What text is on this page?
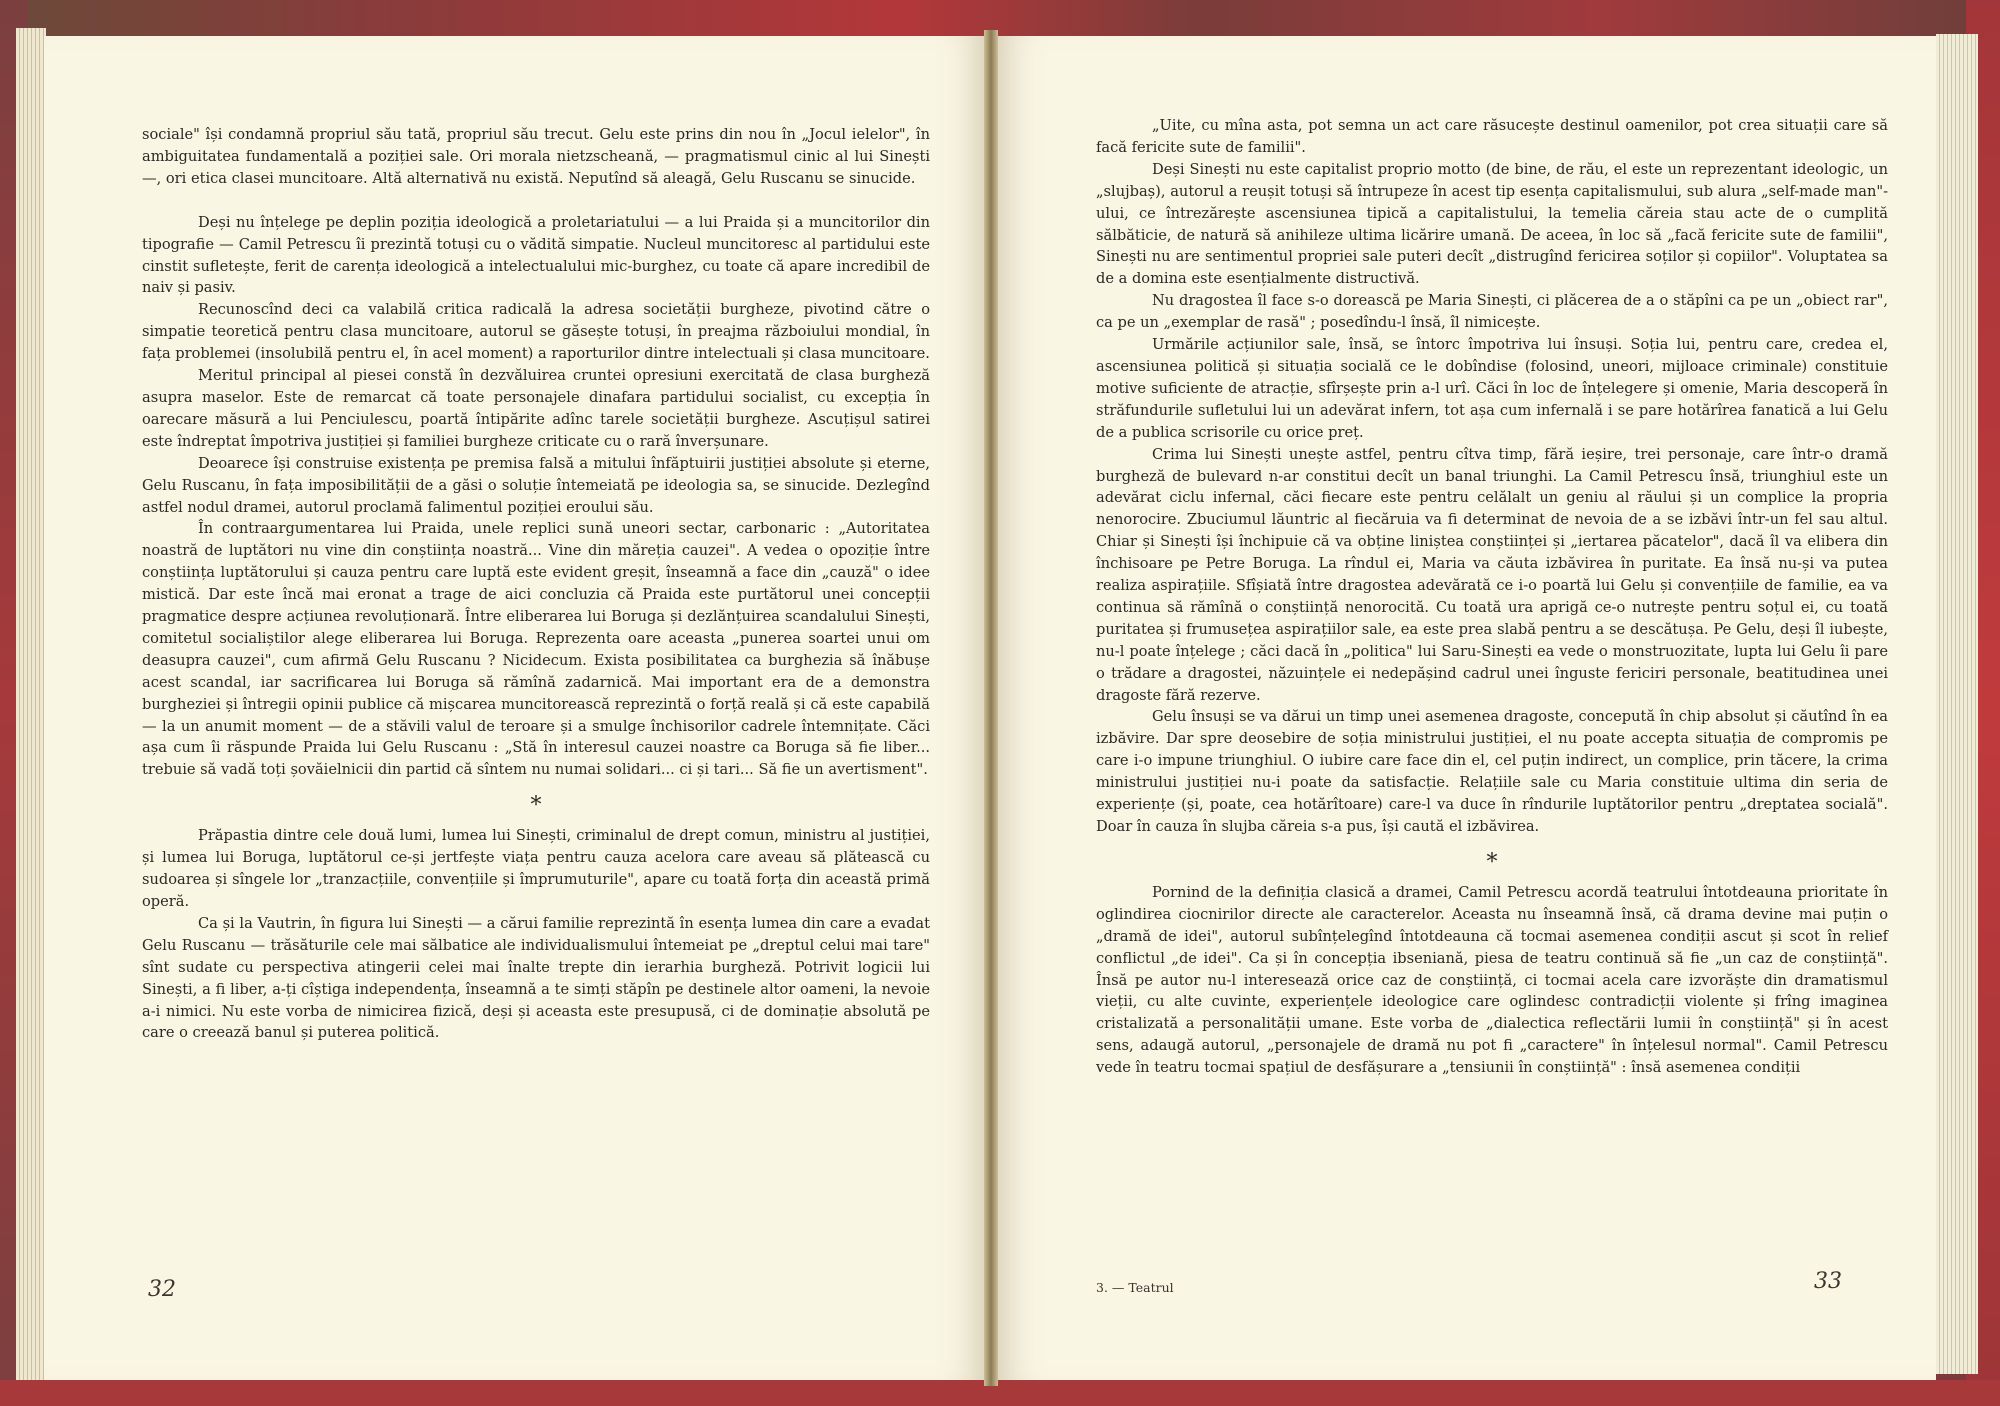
sociale" își condamnă propriul său tată, propriul său trecut. Gelu este prins din nou în „Jocul ielelor", în ambiguitatea fundamentală a poziției sale. Ori morala nietzscheană, — pragmatismul cinic al lui Sinești —, ori etica clasei muncitoare. Altă alternativă nu există. Neputînd să aleagă, Gelu Ruscanu se sinucide.

Deși nu înțelege pe deplin poziția ideologică a proletariatului — a lui Praida și a muncitorilor din tipografie — Camil Petrescu îi prezintă totuși cu o vădită simpatie. Nucleul muncitoresc al partidului este cinstit sufletește, ferit de carența ideologică a intelectualului mic-burghez, cu toate că apare incredibil de naiv și pasiv.

Recunoscînd deci ca valabilă critica radicală la adresa societății burgheze, pivotind către o simpatie teoretică pentru clasa muncitoare, autorul se găsește totuși, în preajma războiului mondial, în fața problemei (insolubilă pentru el, în acel moment) a raporturilor dintre intelectuali și clasa muncitoare.

Meritul principal al piesei constă în dezvăluirea cruntei opresiuni exercitată de clasa burgheză asupra maselor. Este de remarcat că toate personajele dinafara partidului socialist, cu excepția în oarecare măsură a lui Penciulescu, poartă întipărite adînc tarele societății burgheze. Ascuțișul satirei este îndreptat împotriva justiției și familiei burgheze criticate cu o rară înverșunare.

Deoarece își construise existența pe premisa falsă a mitului înfăptuirii justiției absolute și eterne, Gelu Ruscanu, în fața imposibilității de a găsi o soluție întemeiată pe ideologia sa, se sinucide. Dezlegînd astfel nodul dramei, autorul proclamă falimentul poziției eroului său.

În contraargumentarea lui Praida, unele replici sună uneori sectar, carbonaric : „Autoritatea noastră de luptători nu vine din conștiința noastră... Vine din măreția cauzei". A vedea o opoziție între conștiința luptătorului și cauza pentru care luptă este evident greșit, înseamnă a face din „cauză" o idee mistică. Dar este încă mai eronat a trage de aici concluzia că Praida este purtătorul unei concepții pragmatice despre acțiunea revoluționară. Între eliberarea lui Boruga și dezlănțuirea scandalului Sinești, comitetul socialiștilor alege eliberarea lui Boruga. Reprezenta oare aceasta „punerea soartei unui om deasupra cauzei", cum afirmă Gelu Ruscanu ? Nicidecum. Exista posibilitatea ca burghezia să înăbușe acest scandal, iar sacrificarea lui Boruga să rămînă zadarnică. Mai important era de a demonstra burgheziei și întregii opinii publice că mișcarea muncitorească reprezintă o forță reală și că este capabilă — la un anumit moment — de a stăvili valul de teroare și a smulge închisorilor cadrele întemnițate. Căci așa cum îi răspunde Praida lui Gelu Ruscanu : „Stă în interesul cauzei noastre ca Boruga să fie liber... trebuie să vadă toți șovăielnicii din partid că sîntem nu numai solidari... ci și tari... Să fie un avertisment".

*

Prăpastia dintre cele două lumi, lumea lui Sinești, criminalul de drept comun, ministru al justiției, și lumea lui Boruga, luptătorul ce-și jertfește viața pentru cauza acelora care aveau să plătească cu sudoarea și sîngele lor „tranzacțiile, convențiile și împrumuturile", apare cu toată forța din această primă operă.

Ca și la Vautrin, în figura lui Sinești — a cărui familie reprezintă în esența lumea din care a evadat Gelu Ruscanu — trăsăturile cele mai sălbatice ale individualismului întemeiat pe „dreptul celui mai tare" sînt sudate cu perspectiva atingerii celei mai înalte trepte din ierarhia burgheză. Potrivit logicii lui Sinești, a fi liber, a-ți cîștiga independența, înseamnă a te simți stăpîn pe destinele altor oameni, la nevoie a-i nimici. Nu este vorba de nimicirea fizică, deși și aceasta este presupusă, ci de dominație absolută pe care o creează banul și puterea politică.

32

„Uite, cu mîna asta, pot semna un act care răsucește destinul oamenilor, pot crea situații care să facă fericite sute de familii".

Deși Sinești nu este capitalist proprio motto (de bine, de rău, el este un reprezentant ideologic, un „slujbaș), autorul a reușit totuși să întrupeze în acest tip esența capitalismului, sub alura „self-made man"-ului, ce întrezărește ascensiunea tipică a capitalistului, la temelia căreia stau acte de o cumplită sălbăticie, de natură să anihileze ultima licărire umană. De aceea, în loc să „facă fericite sute de familii", Sinești nu are sentimentul propriei sale puteri decît „distrugînd fericirea soților și copiilor". Voluptatea sa de a domina este esențialmente distructivă.

Nu dragostea îl face s-o dorească pe Maria Sinești, ci plăcerea de a o stăpîni ca pe un „obiect rar", ca pe un „exemplar de rasă" ; posedîndu-l însă, îl nimicește.

Urmările acțiunilor sale, însă, se întorc împotriva lui însuși. Soția lui, pentru care, credea el, ascensiunea politică și situația socială ce le dobîndise (folosind, uneori, mijloace criminale) constituie motive suficiente de atracție, sfîrșește prin a-l urî. Căci în loc de înțelegere și omenie, Maria descoperă în străfundurile sufletului lui un adevărat infern, tot așa cum infernală i se pare hotărîrea fanatică a lui Gelu de a publica scrisorile cu orice preț.

Crima lui Sinești unește astfel, pentru cîtva timp, fără ieșire, trei personaje, care într-o dramă burgheză de bulevard n-ar constitui decît un banal triunghi. La Camil Petrescu însă, triunghiul este un adevărat ciclu infernal, căci fiecare este pentru celălalt un geniu al răului și un complice la propria nenorocire. Zbuciumul lăuntric al fiecăruia va fi determinat de nevoia de a se izbăvi într-un fel sau altul. Chiar și Sinești își închipuie că va obține liniștea conștiinței și „iertarea păcatelor", dacă îl va elibera din închisoare pe Petre Boruga. La rîndul ei, Maria va căuta izbăvirea în puritate. Ea însă nu-și va putea realiza aspirațiile. Sfîșiată între dragostea adevărată ce i-o poartă lui Gelu și convențiile de familie, ea va continua să rămînă o conștiință nenorocită. Cu toată ura aprigă ce-o nutrește pentru soțul ei, cu toată puritatea și frumusețea aspirațiilor sale, ea este prea slabă pentru a se descătușa. Pe Gelu, deși îl iubește, nu-l poate înțelege ; căci dacă în „politica" lui Saru-Sinești ea vede o monstruozitate, lupta lui Gelu îi pare o trădare a dragostei, năzuințele ei nedepășind cadrul unei înguste fericiri personale, beatitudinea unei dragoste fără rezerve.

Gelu însuși se va dărui un timp unei asemenea dragoste, concepută în chip absolut și căutînd în ea izbăvire. Dar spre deosebire de soția ministrului justiției, el nu poate accepta situația de compromis pe care i-o impune triunghiul. O iubire care face din el, cel puțin indirect, un complice, prin tăcere, la crima ministrului justiției nu-i poate da satisfacție. Relațiile sale cu Maria constituie ultima din seria de experiențe (și, poate, cea hotărîtoare) care-l va duce în rîndurile luptătorilor pentru „dreptatea socială". Doar în cauza în slujba căreia s-a pus, își caută el izbăvirea.

*

Pornind de la definiția clasică a dramei, Camil Petrescu acordă teatrului întotdeauna prioritate în oglindirea ciocnirilor directe ale caracterelor. Aceasta nu înseamnă însă, că drama devine mai puțin o „dramă de idei", autorul subînțelegînd întotdeauna că tocmai asemenea condiții ascut și scot în relief conflictul „de idei". Ca și în concepția ibseniană, piesa de teatru continuă să fie „un caz de conștiință". Însă pe autor nu-l interesează orice caz de conștiință, ci tocmai acela care izvorăște din dramatismul vieții, cu alte cuvinte, experiențele ideologice care oglindesc contradicții violente și frîng imaginea cristalizată a personalității umane. Este vorba de „dialectica reflectării lumii în conștiință" și în acest sens, adaugă autorul, „personajele de dramă nu pot fi „caractere" în înțelesul normal". Camil Petrescu vede în teatru tocmai spațiul de desfășurare a „tensiunii în conștiință" : însă asemenea condiții

3. — Teatrul	33
